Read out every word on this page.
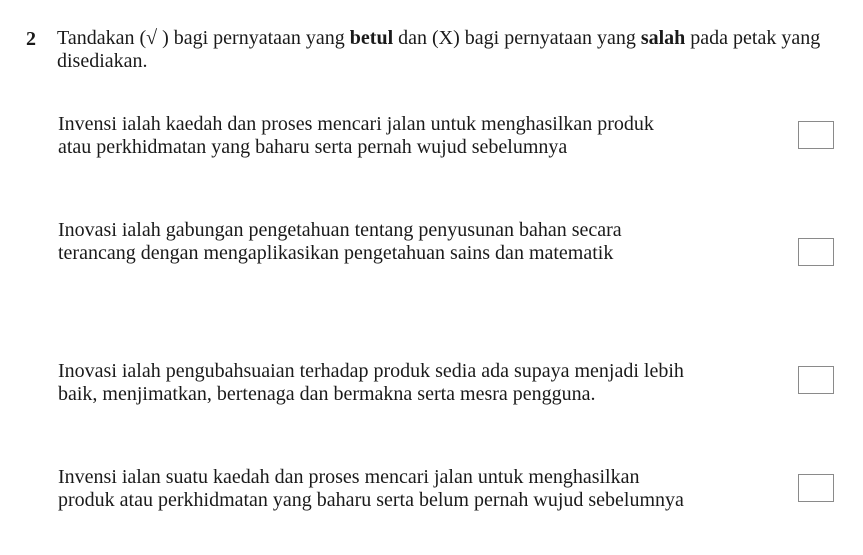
2 Tandakan (√ ) bagi pernyataan yang betul dan (X) bagi pernyataan yang salah pada petak yang disediakan.
Invensi ialah kaedah dan proses mencari jalan untuk menghasilkan produk
atau perkhidmatan yang baharu serta pernah wujud sebelumnya
Inovasi ialah gabungan pengetahuan tentang penyusunan bahan secara
terancang dengan mengaplikasikan pengetahuan sains dan matematik
Inovasi ialah pengubahsuaian terhadap produk sedia ada supaya menjadi lebih
baik, menjimatkan, bertenaga dan bermakna serta mesra pengguna.
Invensi ialan suatu kaedah dan proses mencari jalan untuk menghasilkan
produk atau perkhidmatan yang baharu serta belum pernah wujud sebelumnya
